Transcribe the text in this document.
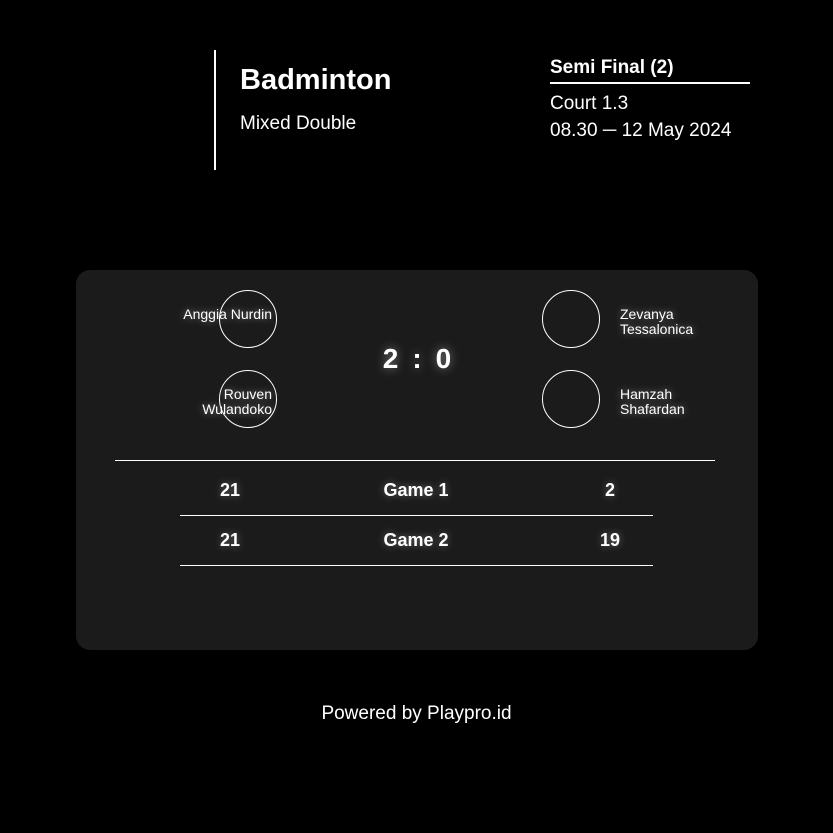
Badminton
Mixed Double
Semi Final (2)
Court 1.3
08.30 ─ 12 May 2024
Anggia Nurdin
Rouven
Wulandoko
2 : 0
Zevanya
Tessalonica
Hamzah
Shafardan
21	Game 1	2
21	Game 2	19
Powered by Playpro.id
